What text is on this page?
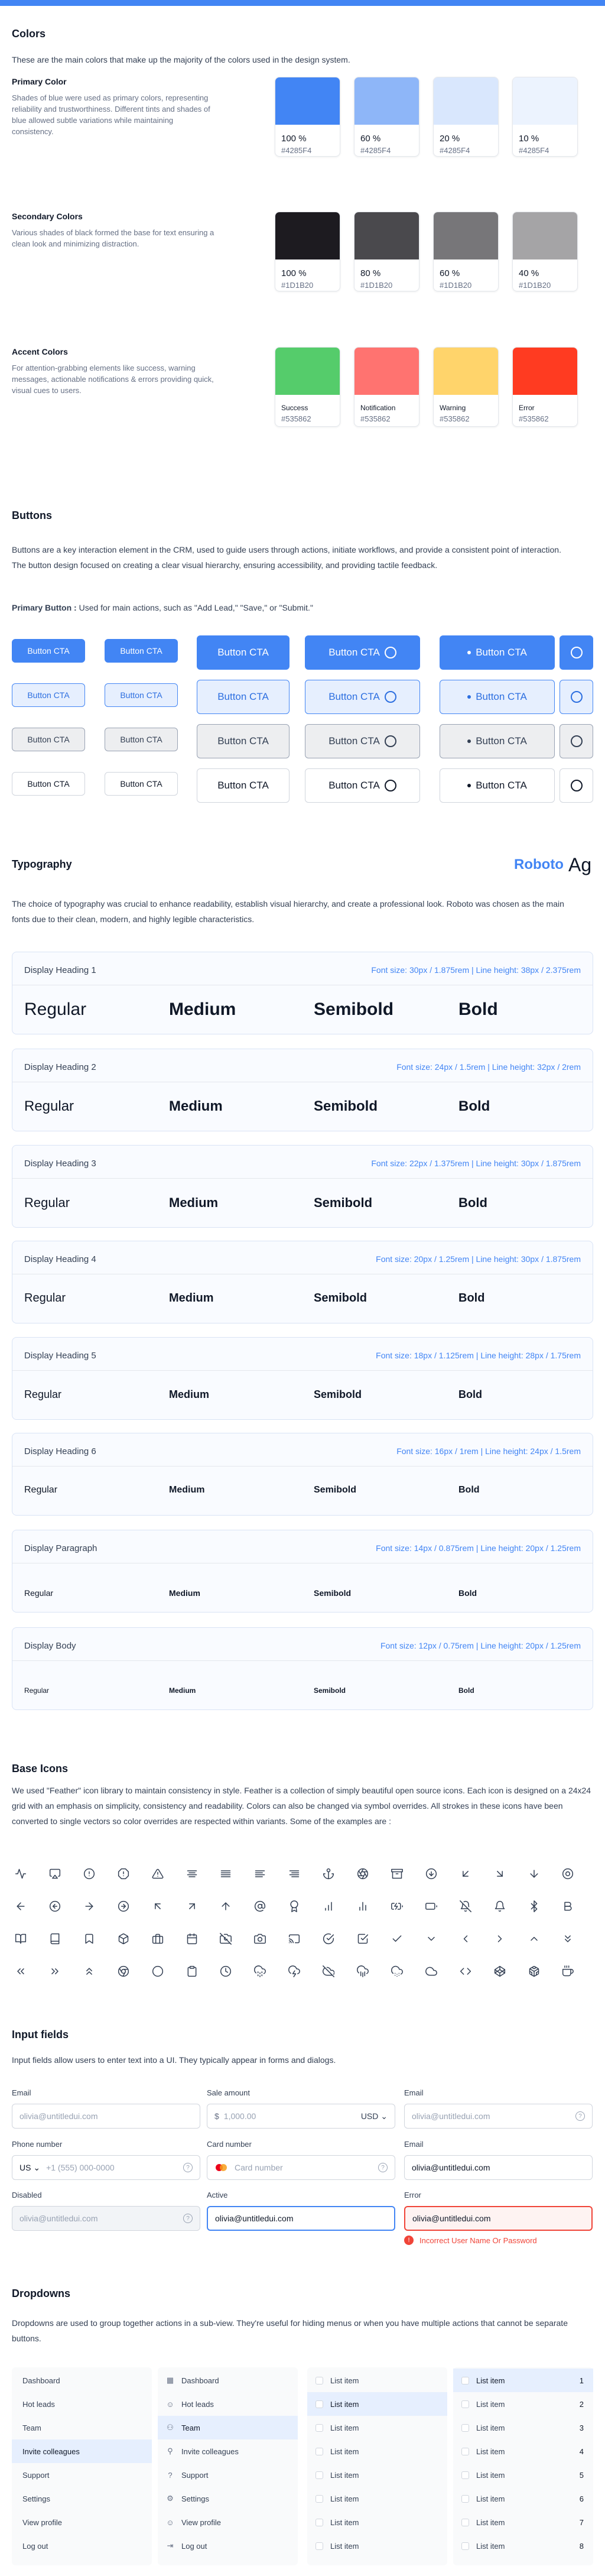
Colors

These are the main colors that make up the majority of the colors used in the design system.

Primary Color

Shades of blue were used as primary colors, representing reliability and trustworthiness. Different tints and shades of blue allowed subtle variations while maintaining consistency.

100 %
#4285F4
60 %
#4285F4
20 %
#4285F4
10 %
#4285F4
Secondary Colors

Various shades of black formed the base for text ensuring a clean look and minimizing distraction.

100 %
#1D1B20
80 %
#1D1B20
60 %
#1D1B20
40 %
#1D1B20
Accent Colors

For attention-grabbing elements like success, warning messages, actionable notifications & errors providing quick, visual cues to users.

Success
#535862
Notification
#535862
Warning
#535862
Error
#535862
Buttons

Buttons are a key interaction element in the CRM, used to guide users through actions, initiate workflows, and provide a consistent point of interaction. The button design focused on creating a clear visual hierarchy, ensuring accessibility, and providing tactile feedback.

Primary Button : Used for main actions, such as "Add Lead," "Save," or "Submit."

Button CTA	Button CTA	Button CTA	Button CTA	Button CTA
Button CTA	Button CTA	Button CTA	Button CTA	Button CTA
Button CTA	Button CTA	Button CTA	Button CTA	Button CTA
Button CTA	Button CTA	Button CTA	Button CTA	Button CTA
Typography	Roboto Ag

The choice of typography was crucial to enhance readability, establish visual hierarchy, and create a professional look. Roboto was chosen as the main fonts due to their clean, modern, and highly legible characteristics.

Display Heading 1	Font size: 30px / 1.875rem | Line height: 38px / 2.375rem
Regular	Medium	Semibold	Bold
Display Heading 2	Font size: 24px / 1.5rem | Line height: 32px / 2rem
Regular	Medium	Semibold	Bold
Display Heading 3	Font size: 22px / 1.375rem | Line height: 30px / 1.875rem
Regular	Medium	Semibold	Bold
Display Heading 4	Font size: 20px / 1.25rem | Line height: 30px / 1.875rem
Regular	Medium	Semibold	Bold
Display Heading 5	Font size: 18px / 1.125rem | Line height: 28px / 1.75rem
Regular	Medium	Semibold	Bold
Display Heading 6	Font size: 16px / 1rem | Line height: 24px / 1.5rem
Regular	Medium	Semibold	Bold
Display Paragraph	Font size: 14px / 0.875rem | Line height: 20px / 1.25rem
Regular	Medium	Semibold	Bold
Display Body	Font size: 12px / 0.75rem | Line height: 20px / 1.25rem
Regular	Medium	Semibold	Bold
Base Icons

We used "Feather" icon library to maintain consistency in style. Feather is a collection of simply beautiful open source icons. Each icon is designed on a 24x24 grid with an emphasis on simplicity, consistency and readability. Colors can also be changed via symbol overrides. All strokes in these icons have been converted to single vectors so color overrides are respected within variants. Some of the examples are :

Input fields

Input fields allow users to enter text into a UI. They typically appear in forms and dialogs.

Email
olivia@untitledui.com
Sale amount
$ 1,000.00	USD ⌄
Email
olivia@untitledui.com	?
Phone number
US ⌄ +1 (555) 000-0000	?
Card number
Card number	?
Email
olivia@untitledui.com
Disabled
olivia@untitledui.com	?
Active
olivia@untitledui.com
Error
olivia@untitledui.com
!	Incorrect User Name Or Password
Dropdowns

Dropdowns are used to group together actions in a sub-view. They're useful for hiding menus or when you have multiple actions that cannot be separate buttons.

Dashboard
Hot leads
Team
Invite colleagues
Support
Settings
View profile
Log out
▦ Dashboard
☺ Hot leads
⚇ Team
⚲ Invite colleagues
? Support
⚙ Settings
☺ View profile
⇥ Log out
List item
List item
List item
List item
List item
List item
List item
List item
List item	1
List item	2
List item	3
List item	4
List item	5
List item	6
List item	7
List item	8
